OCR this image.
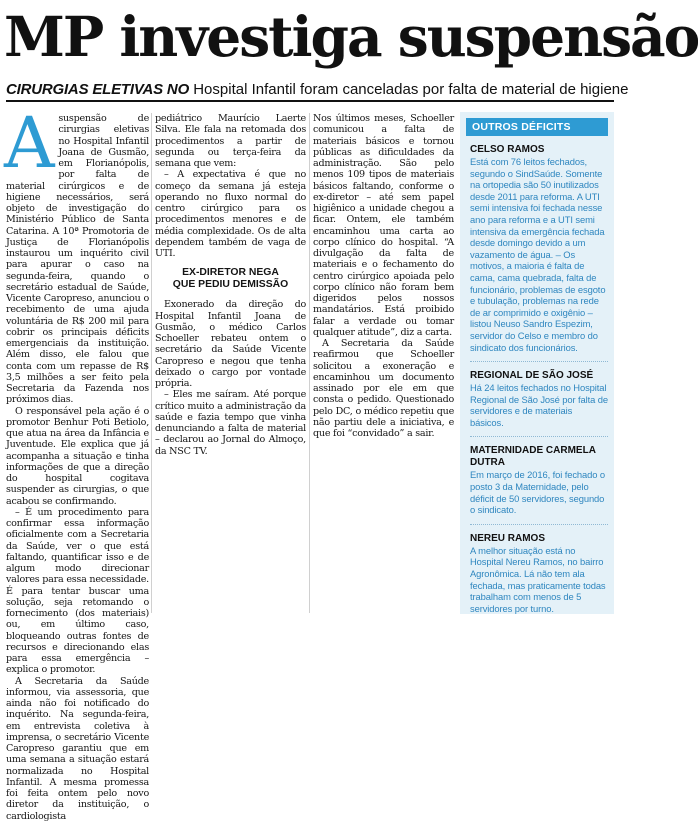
MP investiga suspensão
CIRURGIAS ELETIVAS NO Hospital Infantil foram canceladas por falta de material de higiene
A suspensão de cirurgias eletivas no Hospital Infantil Joana de Gusmão, em Florianópolis, por falta de material cirúrgicos e de higiene necessários, será objeto de investigação do Ministério Público de Santa Catarina. A 10ª Promotoria de Justiça de Florianópolis instaurou um inquérito civil para apurar o caso na segunda-feira, quando o secretário estadual de Saúde, Vicente Caropreso, anunciou o recebimento de uma ajuda voluntária de R$ 200 mil para cobrir os principais déficits emergenciais da instituição. Além disso, ele falou que conta com um repasse de R$ 3,5 milhões a ser feito pela Secretaria da Fazenda nos próximos dias.

O responsável pela ação é o promotor Benhur Poti Betiolo, que atua na área da Infância e Juventude. Ele explica que já acompanha a situação e tinha informações de que a direção do hospital cogitava suspender as cirurgias, o que acabou se confirmando.

– É um procedimento para confirmar essa informação oficialmente com a Secretaria da Saúde, ver o que está faltando, quantificar isso e de algum modo direcionar valores para essa necessidade. É para tentar buscar uma solução, seja retomando o fornecimento (dos materiais) ou, em último caso, bloqueando outras fontes de recursos e direcionando elas para essa emergência – explica o promotor.

A Secretaria da Saúde informou, via assessoria, que ainda não foi notificado do inquérito. Na segunda-feira, em entrevista coletiva à imprensa, o secretário Vicente Caropreso garantiu que em uma semana a situação estará normalizada no Hospital Infantil. A mesma promessa foi feita ontem pelo novo diretor da instituição, o cardiologista

pediátrico Maurício Laerte Silva. Ele fala na retomada dos procedimentos a partir de segunda ou terça-feira da semana que vem:

– A expectativa é que no começo da semana já esteja operando no fluxo normal do centro cirúrgico para os procedimentos menores e de média complexidade. Os de alta dependem também de vaga de UTI.

EX-DIRETOR NEGA
QUE PEDIU DEMISSÃO

Exonerado da direção do Hospital Infantil Joana de Gusmão, o médico Carlos Schoeller rebateu ontem o secretário da Saúde Vicente Caropreso e negou que tenha deixado o cargo por vontade própria.

– Eles me saíram. Até porque crítico muito a administração da saúde e fazia tempo que vinha denunciando a falta de material – declarou ao Jornal do Almoço, da NSC TV.

Nos últimos meses, Schoeller comunicou a falta de materiais básicos e tornou públicas as dificuldades da administração. São pelo menos 109 tipos de materiais básicos faltando, conforme o ex-diretor – até sem papel higiênico a unidade chegou a ficar. Ontem, ele também encaminhou uma carta ao corpo clínico do hospital. “A divulgação da falta de materiais e o fechamento do centro cirúrgico apoiada pelo corpo clínico não foram bem digeridos pelos nossos mandatários. Está proibido falar a verdade ou tomar qualquer atitude”, diz a carta.

A Secretaria da Saúde reafirmou que Schoeller solicitou a exoneração e encaminhou um documento assinado por ele em que consta o pedido. Questionado pelo DC, o médico repetiu que não partiu dele a iniciativa, e que foi “convidado” a sair.

OUTROS DÉFICITS
CELSO RAMOS
Está com 76 leitos fechados, segundo o SindSaúde. Somente na ortopedia são 50 inutilizados desde 2011 para reforma. A UTI semi intensiva foi fechada nesse ano para reforma e a UTI semi intensiva da emergência fechada desde domingo devido a um vazamento de água. – Os motivos, a maioria é falta de cama, cama quebrada, falta de funcionário, problemas de esgoto e tubulação, problemas na rede de ar comprimido e oxigênio – listou Neuso Sandro Espezim, servidor do Celso e membro do sindicato dos funcionários.
REGIONAL DE SÃO JOSÉ
Há 24 leitos fechados no Hospital Regional de São José por falta de servidores e de materiais básicos.
MATERNIDADE CARMELA DUTRA
Em março de 2016, foi fechado o posto 3 da Maternidade, pelo déficit de 50 servidores, segundo o sindicato.
NEREU RAMOS
A melhor situação está no Hospital Nereu Ramos, no bairro Agronômica. Lá não tem ala fechada, mas praticamente todas trabalham com menos de 5 servidores por turno.
